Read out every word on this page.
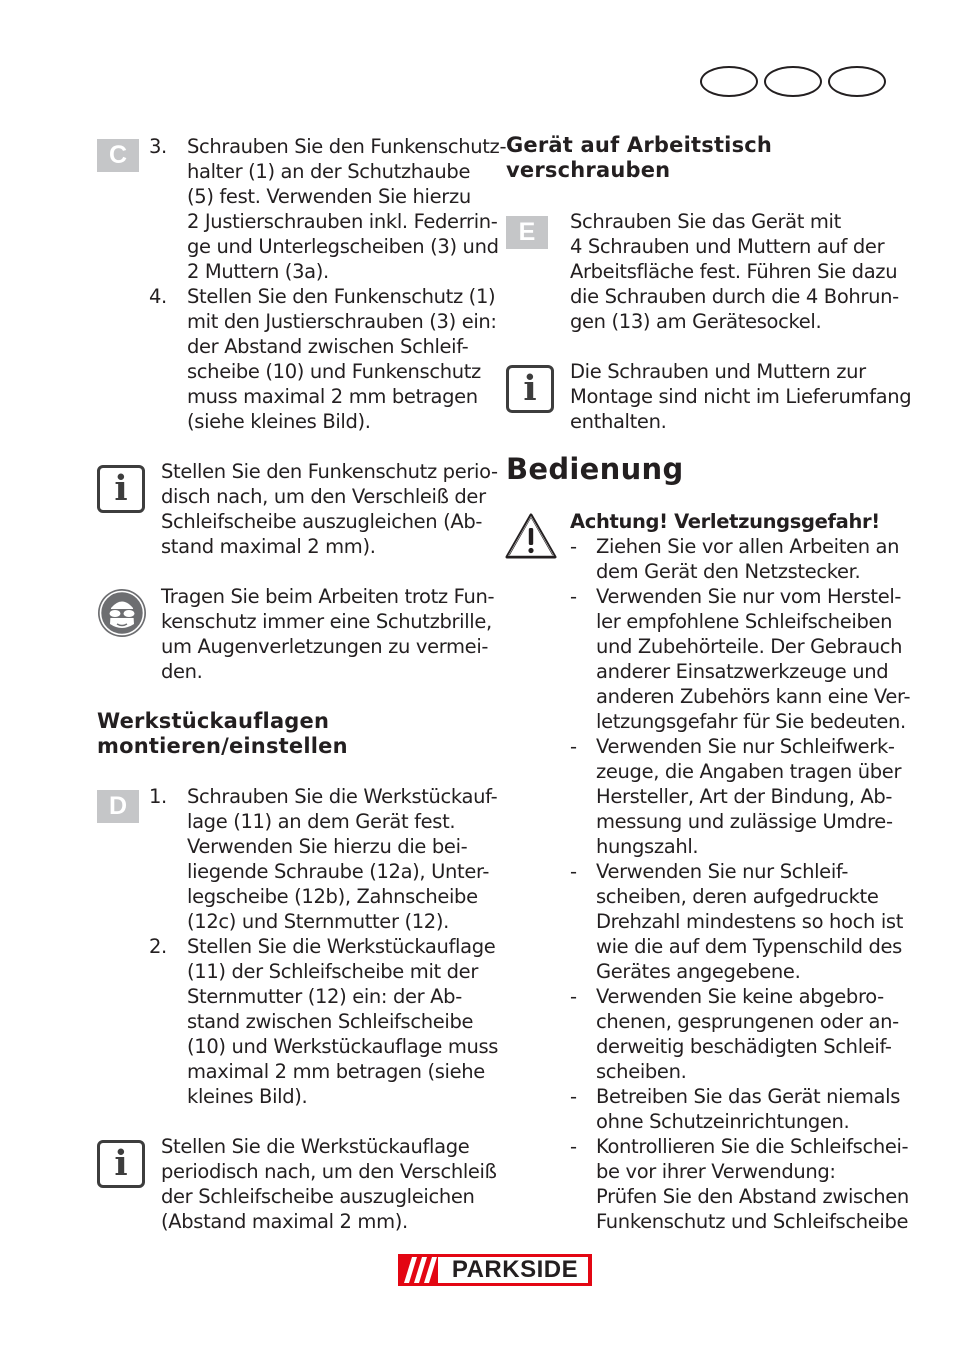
C	3.	Schrauben Sie den Funkenschutz-
halter (1) an der Schutzhaube
(5) fest. Verwenden Sie hierzu
2 Justierschrauben inkl. Federrin-
ge und Unterlegscheiben (3) und
2 Muttern (3a).
4.	Stellen Sie den Funkenschutz (1)
mit den Justierschrauben (3) ein:
der Abstand zwischen Schleif-
scheibe (10) und Funkenschutz
muss maximal 2 mm betragen
(siehe kleines Bild).
i	Stellen Sie den Funkenschutz perio-
disch nach, um den Verschleiß der
Schleifscheibe auszugleichen (Ab-
stand maximal 2 mm).
Tragen Sie beim Arbeiten trotz Fun-
kenschutz immer eine Schutzbrille,
um Augenverletzungen zu vermei-
den.
Werkstückauflagen
montieren/einstellen
D	1.	Schrauben Sie die Werkstückauf-
lage (11) an dem Gerät fest.
Verwenden Sie hierzu die bei-
liegende Schraube (12a), Unter-
legscheibe (12b), Zahnscheibe
(12c) und Sternmutter (12).
2.	Stellen Sie die Werkstückauflage
(11) der Schleifscheibe mit der
Sternmutter (12) ein: der Ab-
stand zwischen Schleifscheibe
(10) und Werkstückauflage muss
maximal 2 mm betragen (siehe
kleines Bild).
i	Stellen Sie die Werkstückauflage
periodisch nach, um den Verschleiß
der Schleifscheibe auszugleichen
(Abstand maximal 2 mm).
Gerät auf Arbeitstisch
verschrauben
E	Schrauben Sie das Gerät mit
4 Schrauben und Muttern auf der
Arbeitsfläche fest. Führen Sie dazu
die Schrauben durch die 4 Bohrun-
gen (13) am Gerätesockel.
i	Die Schrauben und Muttern zur
Montage sind nicht im Lieferumfang
enthalten.
Bedienung
Achtung! Verletzungsgefahr!
- Ziehen Sie vor allen Arbeiten an
dem Gerät den Netzstecker.
- Verwenden Sie nur vom Herstel-
ler empfohlene Schleifscheiben
und Zubehörteile. Der Gebrauch
anderer Einsatzwerkzeuge und
anderen Zubehörs kann eine Ver-
letzungsgefahr für Sie bedeuten.
- Verwenden Sie nur Schleifwerk-
zeuge, die Angaben tragen über
Hersteller, Art der Bindung, Ab-
messung und zulässige Umdre-
hungszahl.
- Verwenden Sie nur Schleif-
scheiben, deren aufgedruckte
Drehzahl mindestens so hoch ist
wie die auf dem Typenschild des
Gerätes angegebene.
- Verwenden Sie keine abgebro-
chenen, gesprungenen oder an-
derweitig beschädigten Schleif-
scheiben.
- Betreiben Sie das Gerät niemals
ohne Schutzeinrichtungen.
- Kontrollieren Sie die Schleifschei-
be vor ihrer Verwendung:
Prüfen Sie den Abstand zwischen
Funkenschutz und Schleifscheibe
PARKSIDE
